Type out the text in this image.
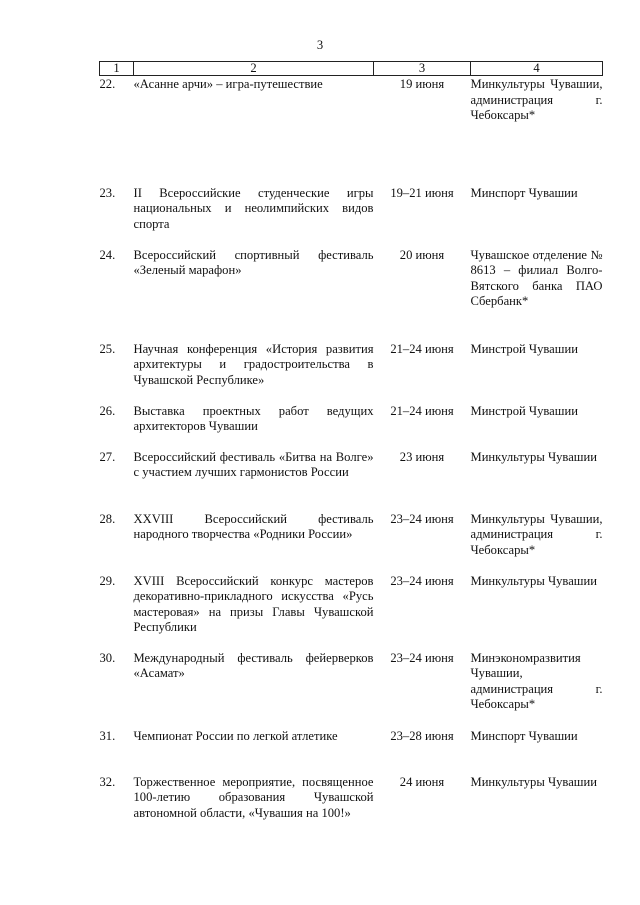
3
1	2	3	4

22.	«Асанне арчи» – игра-путешествие	19 июня	Минкультуры Чувашии, администрация г. Чебоксары*

23.	II Всероссийские студенческие игры национальных и неолимпийских видов спорта	19–21 июня	Минспорт Чувашии

24.	Всероссийский спортивный фестиваль «Зеленый марафон»	20 июня	Чувашское отделение № 8613 – филиал Волго-Вятского банка ПАО Сбербанк*

25.	Научная конференция «История развития архитектуры и градостроительства в Чувашской Республике»	21–24 июня	Минстрой Чувашии

26.	Выставка проектных работ ведущих архитекторов Чувашии	21–24 июня	Минстрой Чувашии

27.	Всероссийский фестиваль «Битва на Волге» с участием лучших гармонистов России	23 июня	Минкультуры Чувашии

28.	XXVIII Всероссийский фестиваль народного творчества «Родники России»	23–24 июня	Минкультуры Чувашии, администрация г. Чебоксары*

29.	XVIII Всероссийский конкурс мастеров декоративно-прикладного искусства «Русь мастеровая» на призы Главы Чувашской Республики	23–24 июня	Минкультуры Чувашии

30.	Международный фестиваль фейерверков «Асамат»	23–24 июня	Минэкономразвития Чувашии, администрация г. Чебоксары*

31.	Чемпионат России по легкой атлетике	23–28 июня	Минспорт Чувашии

32.	Торжественное мероприятие, посвященное 100-летию образования Чувашской автономной области, «Чувашия на 100!»	24 июня	Минкультуры Чувашии
